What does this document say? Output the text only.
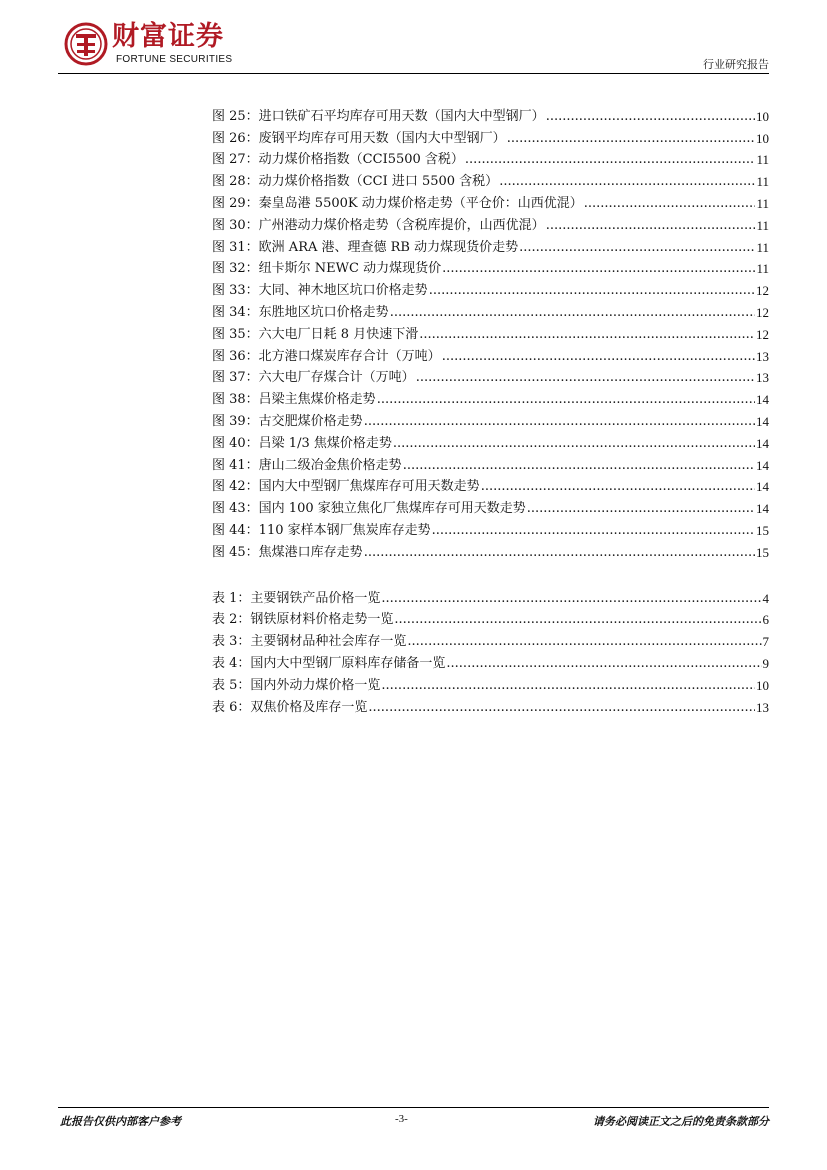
财富证券
FORTUNE SECURITIES	行业研究报告
图 25：进口铁矿石平均库存可用天数（国内大中型钢厂） .....	10
图 26：废钢平均库存可用天数（国内大中型钢厂） .....	10
图 27：动力煤价格指数（CCI5500 含税） .....	11
图 28：动力煤价格指数（CCI 进口 5500 含税） .....	11
图 29：秦皇岛港 5500K 动力煤价格走势（平仓价：山西优混） .....	11
图 30：广州港动力煤价格走势（含税库提价，山西优混） .....	11
图 31：欧洲 ARA 港、理查德 RB 动力煤现货价走势 .....	11
图 32：纽卡斯尔 NEWC 动力煤现货价 .....	11
图 33：大同、神木地区坑口价格走势 .....	12
图 34：东胜地区坑口价格走势 .....	12
图 35：六大电厂日耗 8 月快速下滑 .....	12
图 36：北方港口煤炭库存合计（万吨） .....	13
图 37：六大电厂存煤合计（万吨） .....	13
图 38：吕梁主焦煤价格走势 .....	14
图 39：古交肥煤价格走势 .....	14
图 40：吕梁 1/3 焦煤价格走势 .....	14
图 41：唐山二级冶金焦价格走势 .....	14
图 42：国内大中型钢厂焦煤库存可用天数走势 .....	14
图 43：国内 100 家独立焦化厂焦煤库存可用天数走势 .....	14
图 44：110 家样本钢厂焦炭库存走势 .....	15
图 45：焦煤港口库存走势 .....	15
表 1：主要钢铁产品价格一览 .....	4
表 2：钢铁原材料价格走势一览 .....	6
表 3：主要钢材品种社会库存一览 .....	7
表 4：国内大中型钢厂原料库存储备一览 .....	9
表 5：国内外动力煤价格一览 .....	10
表 6：双焦价格及库存一览 .....	13
此报告仅供内部客户参考	-3-	请务必阅读正文之后的免责条款部分
